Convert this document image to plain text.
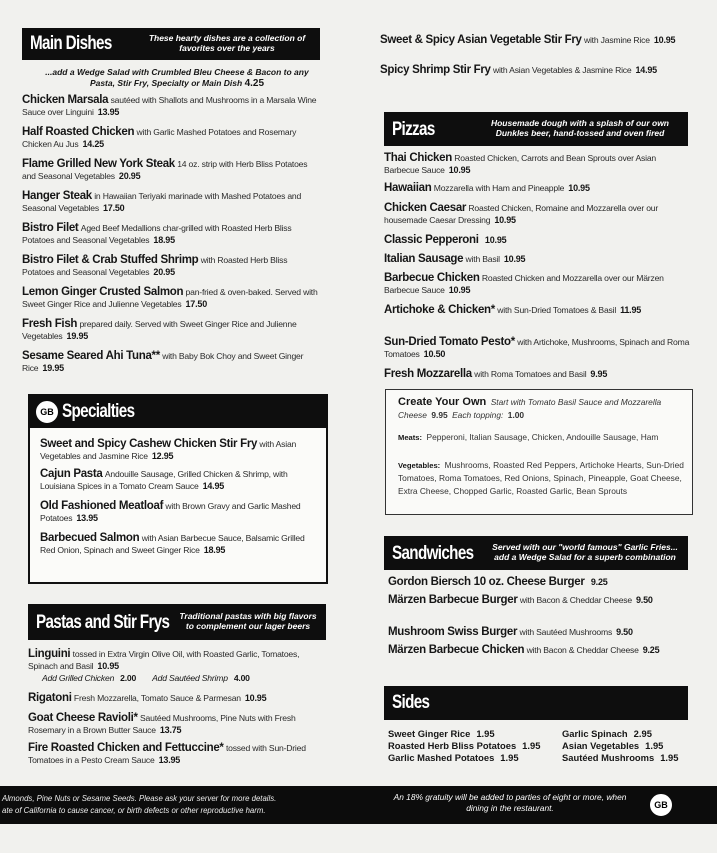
Main Dishes	These hearty dishes are a collection of favorites over the years
...add a Wedge Salad with Crumbled Bleu Cheese & Bacon to any Pasta, Stir Fry, Specialty or Main Dish 4.25
Chicken Marsala sautéed with Shallots and Mushrooms in a Marsala Wine Sauce over Linguini 13.95
Half Roasted Chicken with Garlic Mashed Potatoes and Rosemary Chicken Au Jus 14.25
Flame Grilled New York Steak 14 oz. strip with Herb Bliss Potatoes and Seasonal Vegetables 20.95
Hanger Steak in Hawaiian Teriyaki marinade with Mashed Potatoes and Seasonal Vegetables 17.50
Bistro Filet Aged Beef Medallions char-grilled with Roasted Herb Bliss Potatoes and Seasonal Vegetables 18.95
Bistro Filet & Crab Stuffed Shrimp with Roasted Herb Bliss Potatoes and Seasonal Vegetables 20.95
Lemon Ginger Crusted Salmon pan-fried & oven-baked. Served with Sweet Ginger Rice and Julienne Vegetables 17.50
Fresh Fish prepared daily. Served with Sweet Ginger Rice and Julienne Vegetables 19.95
Sesame Seared Ahi Tuna** with Baby Bok Choy and Sweet Ginger Rice 19.95
GB Specialties
Sweet and Spicy Cashew Chicken Stir Fry with Asian Vegetables and Jasmine Rice 12.95
Cajun Pasta Andouille Sausage, Grilled Chicken & Shrimp, with Louisiana Spices in a Tomato Cream Sauce 14.95
Old Fashioned Meatloaf with Brown Gravy and Garlic Mashed Potatoes 13.95
Barbecued Salmon with Asian Barbecue Sauce, Balsamic Grilled Red Onion, Spinach and Sweet Ginger Rice 18.95
Pastas and Stir Frys Traditional pastas with big flavors to complement our lager beers
Linguini tossed in Extra Virgin Olive Oil, with Roasted Garlic, Tomatoes, Spinach and Basil 10.95
Add Grilled Chicken 2.00 Add Sautéed Shrimp 4.00
Rigatoni Fresh Mozzarella, Tomato Sauce & Parmesan 10.95
Goat Cheese Ravioli* Sautéed Mushrooms, Pine Nuts with Fresh Rosemary in a Brown Butter Sauce 13.75
Fire Roasted Chicken and Fettuccine* tossed with Sun-Dried Tomatoes in a Pesto Cream Sauce 13.95
Sweet & Spicy Asian Vegetable Stir Fry with Jasmine Rice 10.95
Spicy Shrimp Stir Fry with Asian Vegetables & Jasmine Rice 14.95
Pizzas	Housemade dough with a splash of our own Dunkles beer, hand-tossed and oven fired
Thai Chicken Roasted Chicken, Carrots and Bean Sprouts over Asian Barbecue Sauce 10.95
Hawaiian Mozzarella with Ham and Pineapple 10.95
Chicken Caesar Roasted Chicken, Romaine and Mozzarella over our housemade Caesar Dressing 10.95
Classic Pepperoni 10.95
Italian Sausage with Basil 10.95
Barbecue Chicken Roasted Chicken and Mozzarella over our Märzen Barbecue Sauce 10.95
Artichoke & Chicken* with Sun-Dried Tomatoes & Basil 11.95
Sun-Dried Tomato Pesto* with Artichoke, Mushrooms, Spinach and Roma Tomatoes 10.50
Fresh Mozzarella with Roma Tomatoes and Basil 9.95
Sandwiches Served with our "world famous" Garlic Fries... add a Wedge Salad for a superb combination
Gordon Biersch 10 oz. Cheese Burger 9.25
Märzen Barbecue Burger with Bacon & Cheddar Cheese 9.50
Mushroom Swiss Burger with Sautéed Mushrooms 9.50
Märzen Barbecue Chicken with Bacon & Cheddar Cheese 9.25
Sides
Sweet Ginger Rice 1.95
Roasted Herb Bliss Potatoes 1.95
Garlic Mashed Potatoes 1.95
Garlic Spinach 2.95
Asian Vegetables 1.95
Sautéed Mushrooms 1.95
Create Your Own Start with Tomato Basil Sauce and Mozzarella Cheese 9.95 Each topping: 1.00
Meats: Pepperoni, Italian Sausage, Chicken, Andouille Sausage, Ham
Vegetables: Mushrooms, Roasted Red Peppers, Artichoke Hearts, Sun-Dried Tomatoes, Roma Tomatoes, Red Onions, Spinach, Pineapple, Goat Cheese, Extra Cheese, Chopped Garlic, Roasted Garlic, Bean Sprouts
Almonds, Pine Nuts or Sesame Seeds. Please ask your server for more details.
ate of California to cause cancer, or birth defects or other reproductive harm.
An 18% gratuity will be added to parties of eight or more, when dining in the restaurant.	GB
